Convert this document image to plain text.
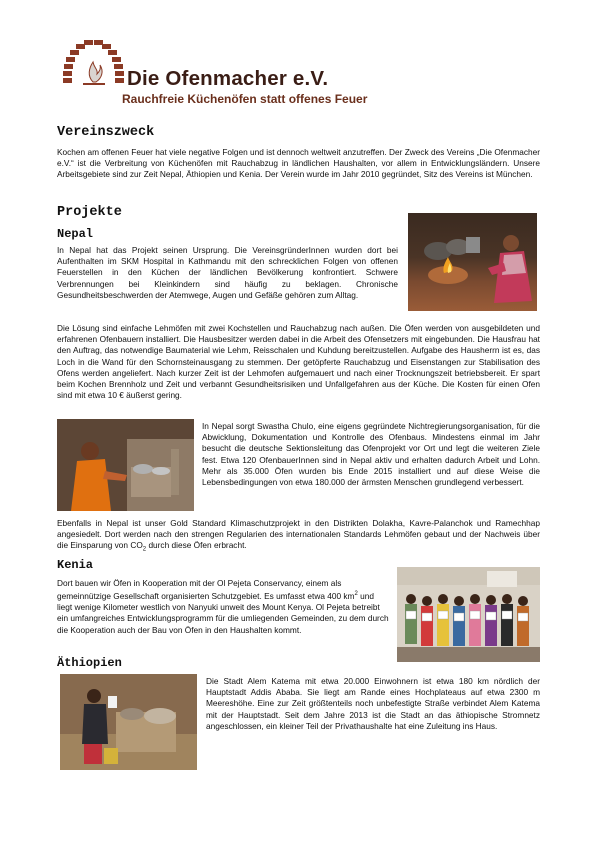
Die Ofenmacher e.V.
Rauchfreie Küchenöfen statt offenes Feuer
Vereinszweck

Kochen am offenen Feuer hat viele negative Folgen und ist dennoch weltweit anzutreffen. Der Zweck des Vereins „Die Ofenmacher e.V.“ ist die Verbreitung von Küchenöfen mit Rauchabzug in ländlichen Haushalten, vor allem in Entwicklungsländern. Unsere Arbeitsgebiete sind zur Zeit Nepal, Äthiopien und Kenia. Der Verein wurde im Jahr 2010 gegründet, Sitz des Vereins ist München.

Projekte
Nepal

In Nepal hat das Projekt seinen Ursprung. Die VereinsgründerInnen wurden dort bei Aufenthalten im SKM Hospital in Kathmandu mit den schrecklichen Folgen von offenen Feuerstellen in den Küchen der ländlichen Bevölkerung konfrontiert. Schwere Verbrennungen bei Kleinkindern sind häufig zu beklagen. Chronische Gesundheitsbeschwerden der Atemwege, Augen und Gefäße gehören zum Alltag.

Die Lösung sind einfache Lehmöfen mit zwei Kochstellen und Rauchabzug nach außen. Die Öfen werden von ausgebildeten und erfahrenen Ofenbauern installiert. Die Hausbesitzer werden dabei in die Arbeit des Ofensetzers mit eingebunden. Die Hausfrau hat den Auftrag, das notwendige Baumaterial wie Lehm, Reisschalen und Kuhdung bereitzustellen. Aufgabe des Hausherrn ist es, das Loch in die Wand für den Schornsteinausgang zu stemmen. Der getöpferte Rauchabzug und Eisenstangen zur Stabilisation des Ofens werden angeliefert. Nach kurzer Zeit ist der Lehmofen aufgemauert und nach einer Trocknungszeit betriebsbereit. Er spart beim Kochen Brennholz und Zeit und verbannt Gesundheitsrisiken und Unfallgefahren aus der Küche. Die Kosten für einen Ofen sind mit etwa 10 € äußerst gering.

In Nepal sorgt Swastha Chulo, eine eigens gegründete Nichtregierungsorganisation, für die Abwicklung, Dokumentation und Kontrolle des Ofenbaus. Mindestens einmal im Jahr besucht die deutsche Sektionsleitung das Ofenprojekt vor Ort und legt die weiteren Ziele fest. Etwa 120 OfenbauerInnen sind in Nepal aktiv und erhalten dadurch Arbeit und Lohn. Mehr als 35.000 Öfen wurden bis Ende 2015 installiert und auf diese Weise die Lebensbedingungen von etwa 180.000 der ärmsten Menschen grundlegend verbessert.

Ebenfalls in Nepal ist unser Gold Standard Klimaschutzprojekt in den Distrikten Dolakha, Kavre-Palanchok und Ramechhap angesiedelt. Dort werden nach den strengen Regularien des internationalen Standards Lehmöfen gebaut und der Nachweis über die Einsparung von $CO_2$ durch diese Öfen erbracht.

Kenia

Dort bauen wir Öfen in Kooperation mit der Ol Pejeta Conservancy, einem als gemeinnützige Gesellschaft organisierten Schutzgebiet. Es umfasst etwa 400 $km^2$ und liegt wenige Kilometer westlich von Nanyuki unweit des Mount Kenya. Ol Pejeta betreibt ein umfangreiches Entwicklungsprogramm für die umliegenden Gemeinden, zu dem durch die Kooperation auch der Bau von Öfen in den Haushalten kommt.

Äthiopien

Die Stadt Alem Katema mit etwa 20.000 Einwohnern ist etwa 180 km nördlich der Hauptstadt Addis Ababa. Sie liegt am Rande eines Hochplateaus auf etwa 2300 m Meereshöhe. Eine zur Zeit größtenteils noch unbefestigte Straße verbindet Alem Katema mit der Hauptstadt. Seit dem Jahre 2013 ist die Stadt an das äthiopische Stromnetz angeschlossen, ein kleiner Teil der Privathaushalte hat eine Zuleitung ins Haus.
